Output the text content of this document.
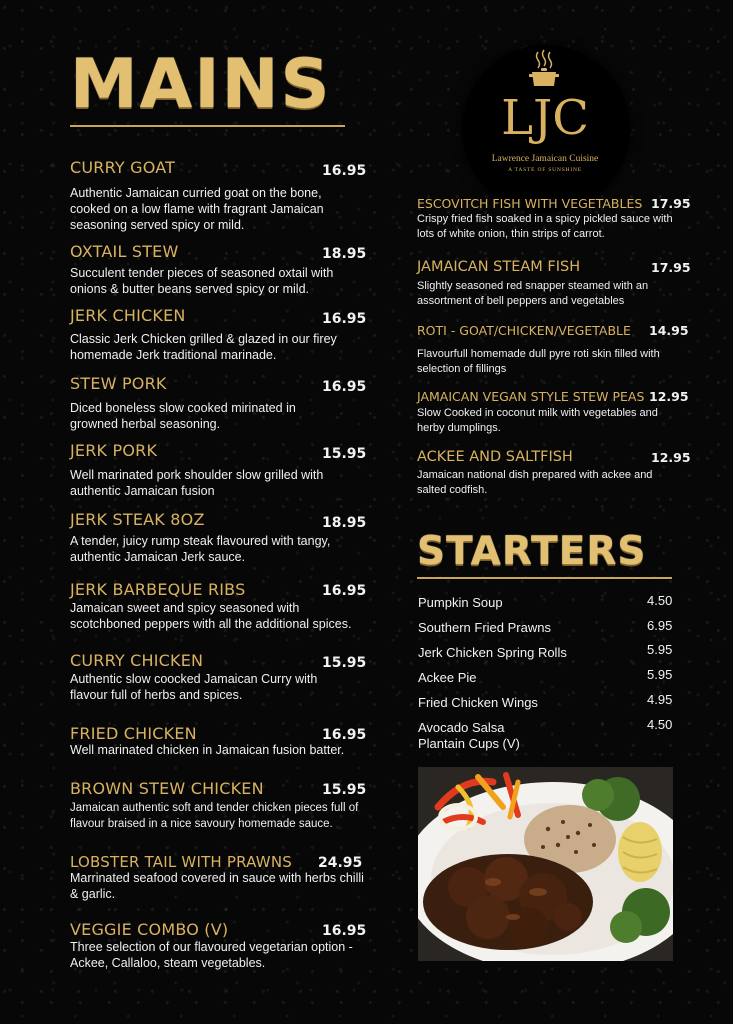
MAINS
CURRY GOAT	16.95
Authentic Jamaican curried goat on the bone, cooked on a low flame with fragrant Jamaican seasoning served spicy or mild.
OXTAIL STEW	18.95
Succulent tender pieces of seasoned oxtail with onions & butter beans served spicy or mild.
JERK CHICKEN	16.95
Classic Jerk Chicken grilled & glazed in our firey homemade Jerk traditional marinade.
STEW PORK	16.95
Diced boneless slow cooked mirinated in growned herbal seasoning.
JERK PORK	15.95
Well marinated pork shoulder slow grilled with authentic Jamaican fusion
JERK STEAK 8OZ	18.95
A tender, juicy rump steak flavoured with tangy, authentic Jamaican Jerk sauce.
JERK BARBEQUE RIBS	16.95
Jamaican sweet and spicy seasoned with scotchboned peppers with all the additional spices.
CURRY CHICKEN	15.95
Authentic slow coocked Jamaican Curry with flavour full of herbs and spices.
FRIED CHICKEN	16.95
Well marinated chicken in Jamaican fusion batter.
BROWN STEW CHICKEN	15.95
Jamaican authentic soft and tender chicken pieces full of flavour braised in a nice savoury homemade sauce.
LOBSTER TAIL WITH PRAWNS 24.95
Marrinated seafood covered in sauce with herbs chilli & garlic.
VEGGIE COMBO (V)	16.95
Three selection of our flavoured vegetarian option - Ackee, Callaloo, steam vegetables.
LJC
Lawrence Jamaican Cuisine
A TASTE OF SUNSHINE
ESCOVITCH FISH WITH VEGETABLES 17.95
Crispy fried fish soaked in a spicy pickled sauce with lots of white onion, thin strips of carrot.
JAMAICAN STEAM FISH	17.95
Slightly seasoned red snapper steamed with an assortment of bell peppers and vegetables
ROTI - GOAT/CHICKEN/VEGETABLE 14.95
Flavourfull homemade dull pyre roti skin filled with selection of fillings
JAMAICAN VEGAN STYLE STEW PEAS 12.95
Slow Cooked in coconut milk with vegetables and herby dumplings.
ACKEE AND SALTFISH	12.95
Jamaican national dish prepared with ackee and salted codfish.
STARTERS
Pumpkin Soup	4.50
Southern Fried Prawns	6.95
Jerk Chicken Spring Rolls	5.95
Ackee Pie	5.95
Fried Chicken Wings	4.95
Avocado Salsa Plantain Cups (V)
4.50
